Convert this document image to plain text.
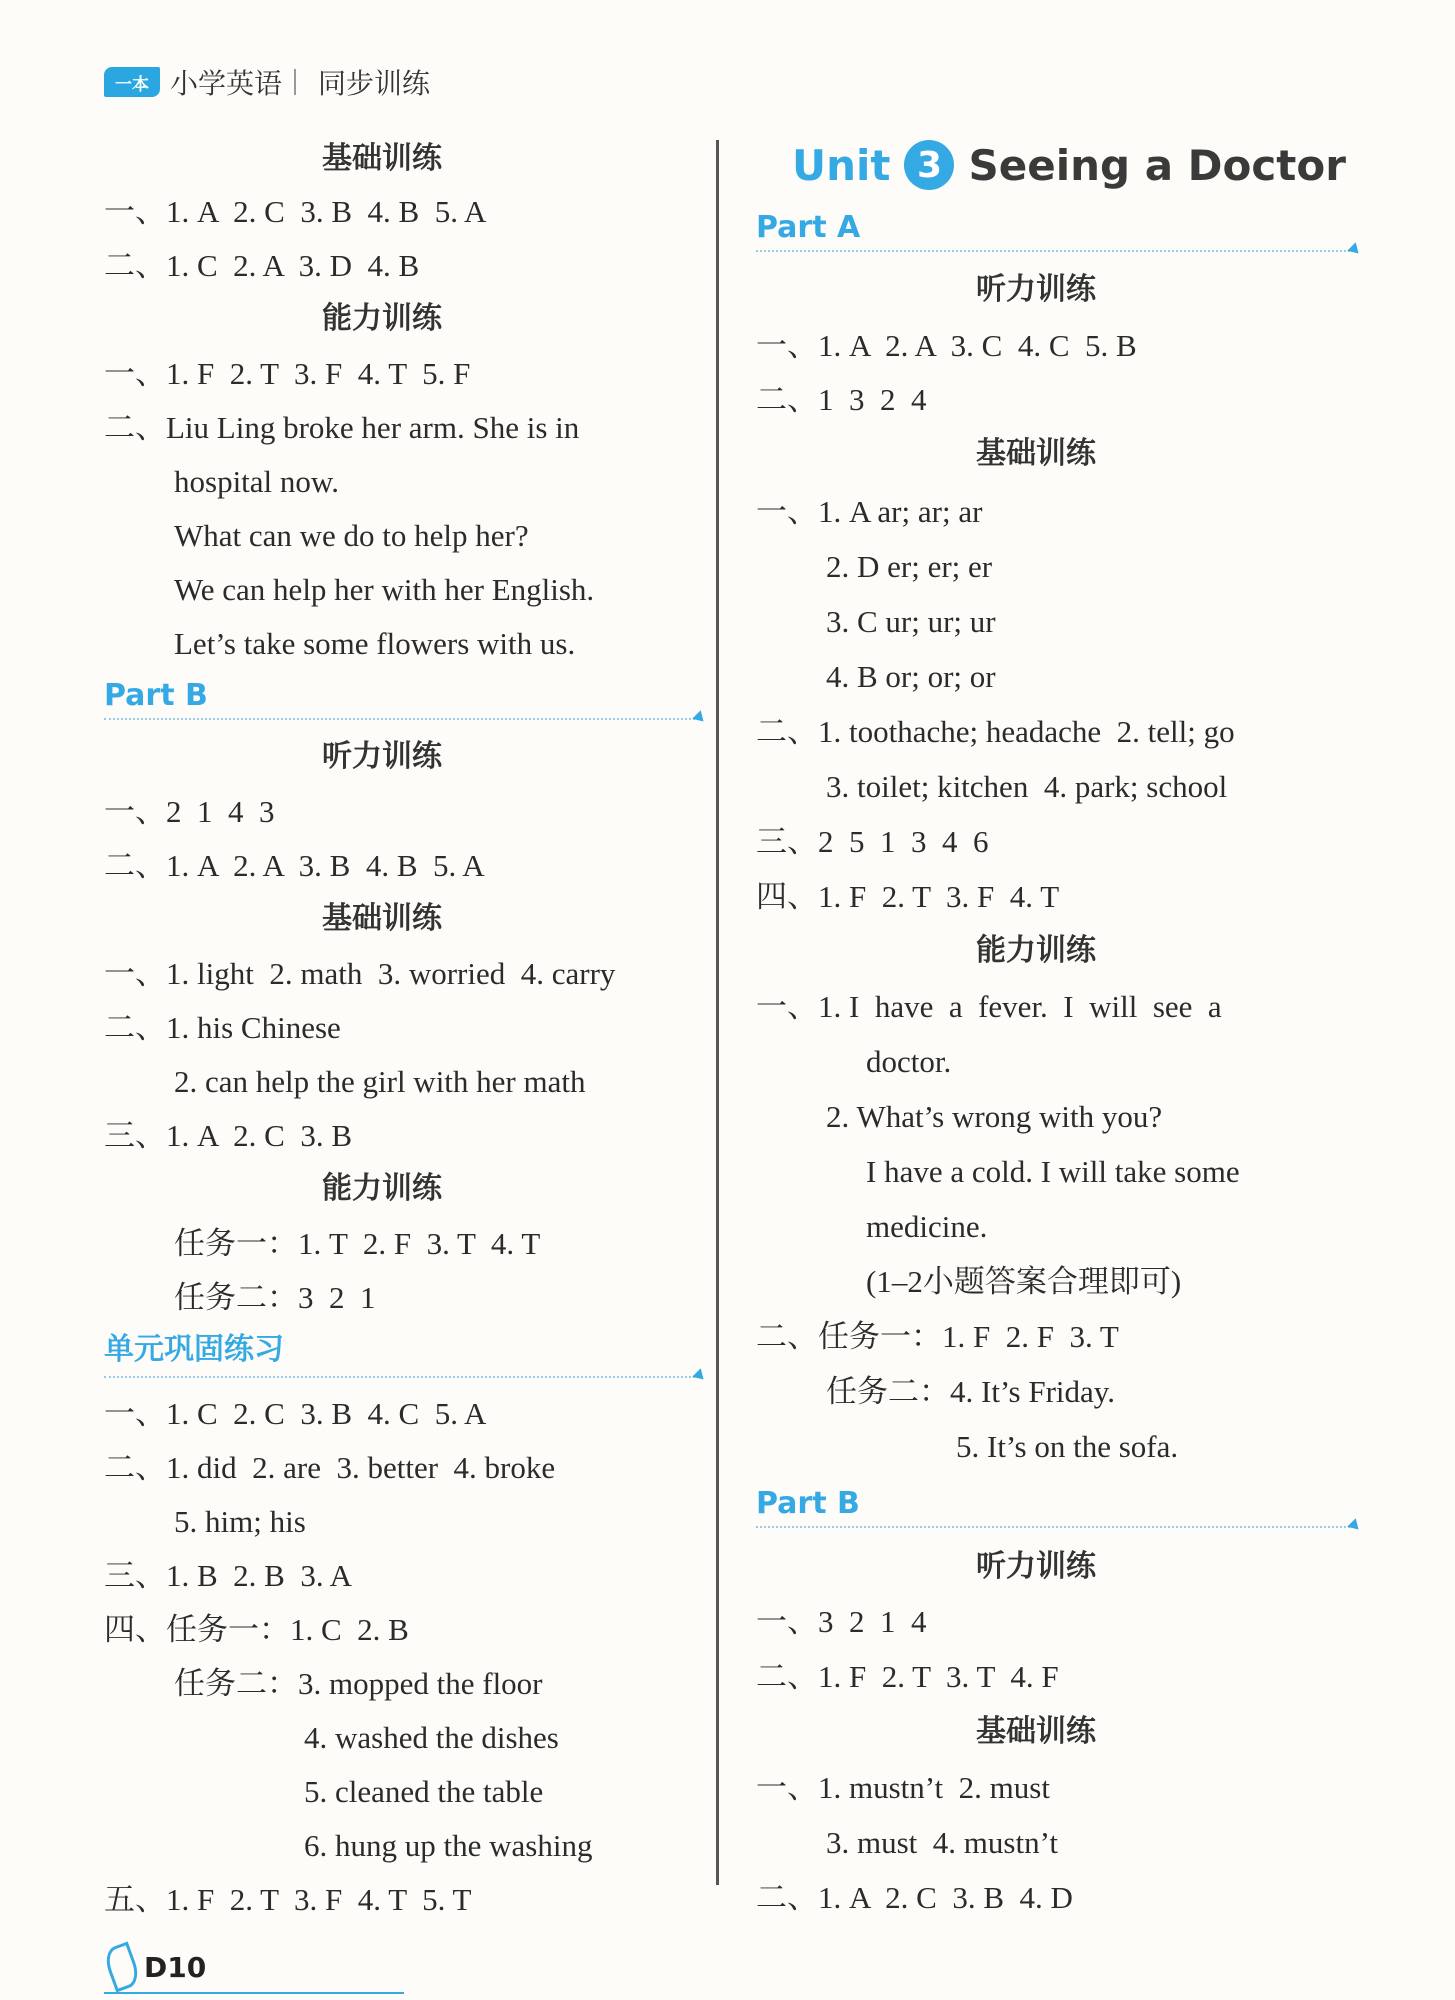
一本 小学英语 同步训练
基础训练
一、1. A  2. C  3. B  4. B  5. A
二、1. C  2. A  3. D  4. B
能力训练
一、1. F  2. T  3. F  4. T  5. F
二、Liu Ling broke her arm. She is in
hospital now.
What can we do to help her?
We can help her with her English.
Let’s take some flowers with us.
Part B
听力训练
一、2  1  4  3
二、1. A  2. A  3. B  4. B  5. A
基础训练
一、1. light  2. math  3. worried  4. carry
二、1. his Chinese
2. can help the girl with her math
三、1. A  2. C  3. B
能力训练
任务一：1. T  2. F  3. T  4. T
任务二：3  2  1
单元巩固练习
一、1. C  2. C  3. B  4. C  5. A
二、1. did  2. are  3. better  4. broke
5. him; his
三、1. B  2. B  3. A
四、任务一：1. C  2. B
任务二：3. mopped the floor
4. washed the dishes
5. cleaned the table
6. hung up the washing
五、1. F  2. T  3. F  4. T  5. T
Unit 3 Seeing a Doctor
Part A
听力训练
一、1. A  2. A  3. C  4. C  5. B
二、1  3  2  4
基础训练
一、1. A ar; ar; ar
2. D er; er; er
3. C ur; ur; ur
4. B or; or; or
二、1. toothache; headache  2. tell; go
3. toilet; kitchen  4. park; school
三、2  5  1  3  4  6
四、1. F  2. T  3. F  4. T
能力训练
一、1. I  have  a  fever.  I  will  see  a
doctor.
2. What’s wrong with you?
I have a cold. I will take some
medicine.
(1–2小题答案合理即可)
二、任务一：1. F  2. F  3. T
任务二：4. It’s Friday.
5. It’s on the sofa.
Part B
听力训练
一、3  2  1  4
二、1. F  2. T  3. T  4. F
基础训练
一、1. mustn’t  2. must
3. must  4. mustn’t
二、1. A  2. C  3. B  4. D
D10
